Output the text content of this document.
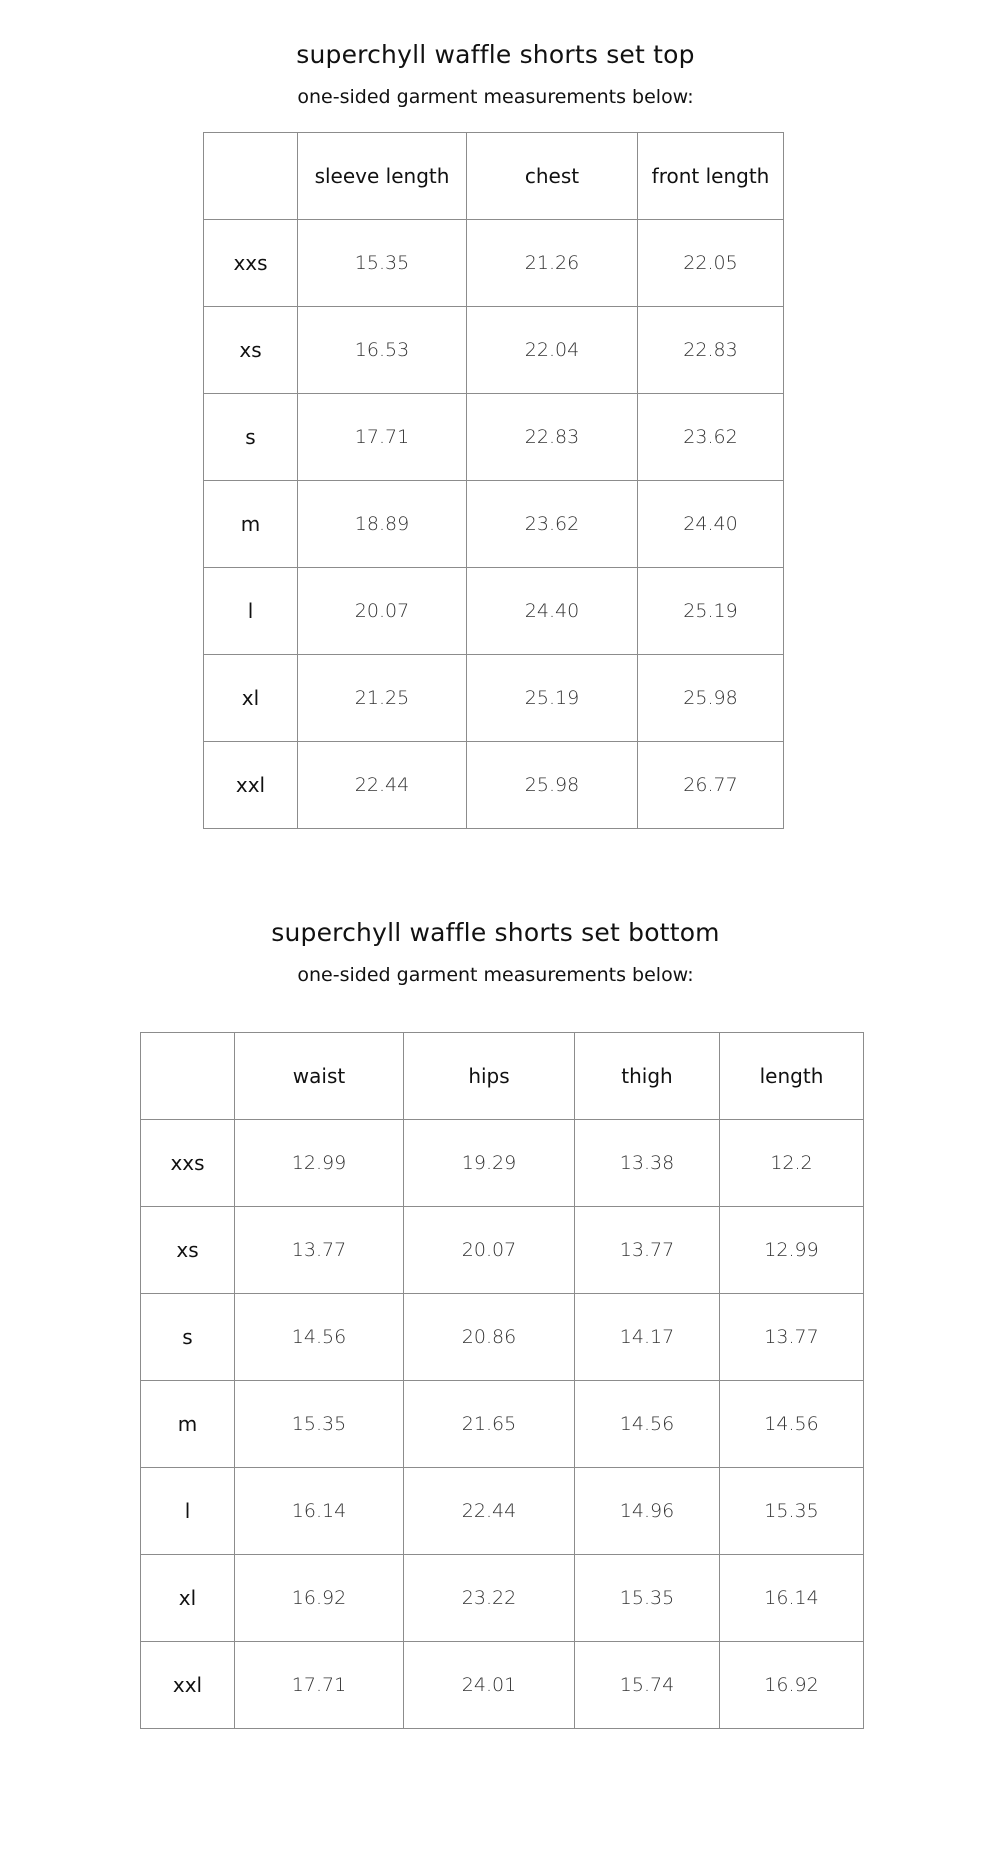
superchyll waffle shorts set top
one-sided garment measurements below:
	sleeve length	chest	front length
xxs	15.35	21.26	22.05
xs	16.53	22.04	22.83
s	17.71	22.83	23.62
m	18.89	23.62	24.40
l	20.07	24.40	25.19
xl	21.25	25.19	25.98
xxl	22.44	25.98	26.77
superchyll waffle shorts set bottom
one-sided garment measurements below:
	waist	hips	thigh	length
xxs	12.99	19.29	13.38	12.2
xs	13.77	20.07	13.77	12.99
s	14.56	20.86	14.17	13.77
m	15.35	21.65	14.56	14.56
l	16.14	22.44	14.96	15.35
xl	16.92	23.22	15.35	16.14
xxl	17.71	24.01	15.74	16.92
